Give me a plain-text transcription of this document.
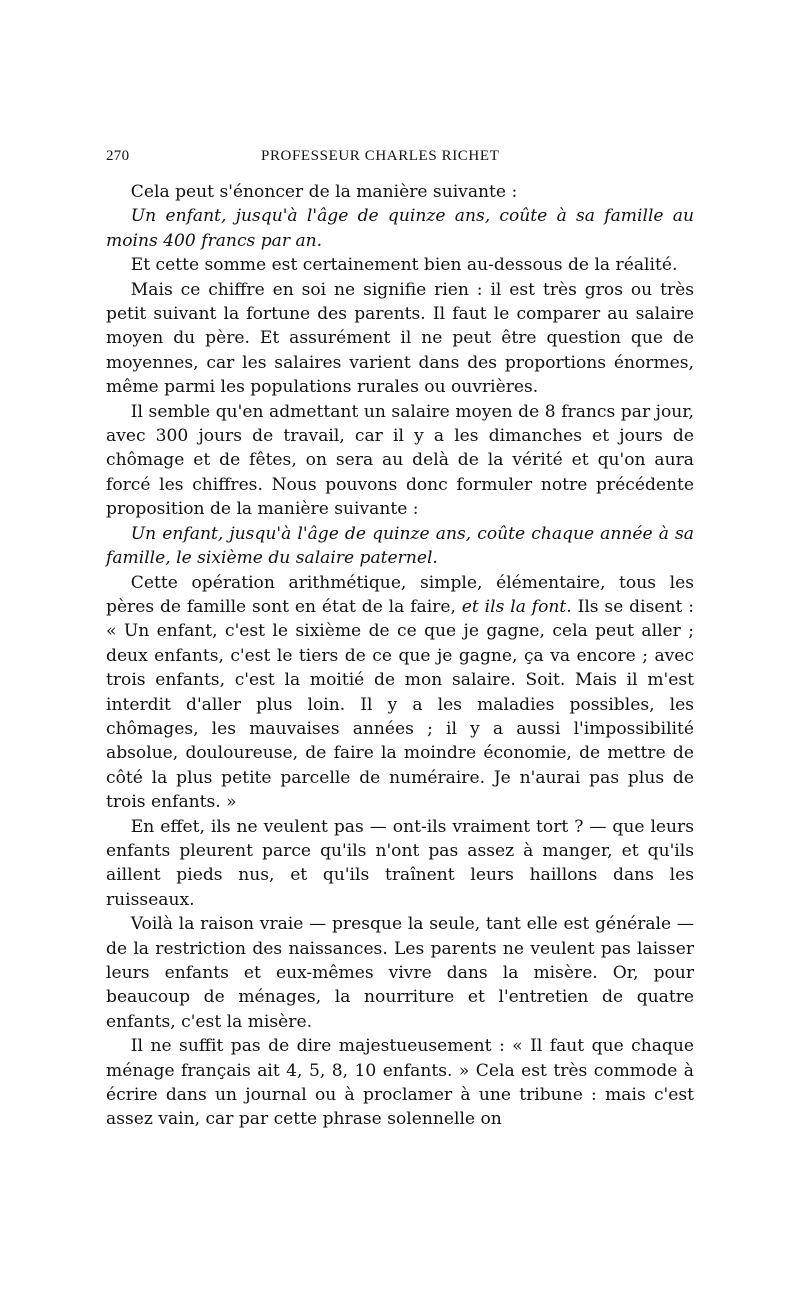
270	PROFESSEUR CHARLES RICHET

Cela peut s'énoncer de la manière suivante :

Un enfant, jusqu'à l'âge de quinze ans, coûte à sa famille au moins 400 francs par an.

Et cette somme est certainement bien au-dessous de la réalité.

Mais ce chiffre en soi ne signifie rien : il est très gros ou très petit suivant la fortune des parents. Il faut le comparer au salaire moyen du père. Et assurément il ne peut être question que de moyennes, car les salaires varient dans des proportions énormes, même parmi les populations rurales ou ouvrières.

Il semble qu'en admettant un salaire moyen de 8 francs par jour, avec 300 jours de travail, car il y a les dimanches et jours de chômage et de fêtes, on sera au delà de la vérité et qu'on aura forcé les chiffres. Nous pouvons donc formuler notre précédente proposition de la manière suivante :

Un enfant, jusqu'à l'âge de quinze ans, coûte chaque année à sa famille, le sixième du salaire paternel.

Cette opération arithmétique, simple, élémentaire, tous les pères de famille sont en état de la faire, et ils la font. Ils se disent : « Un enfant, c'est le sixième de ce que je gagne, cela peut aller ; deux enfants, c'est le tiers de ce que je gagne, ça va encore ; avec trois enfants, c'est la moitié de mon salaire. Soit. Mais il m'est interdit d'aller plus loin. Il y a les maladies possibles, les chômages, les mauvaises années ; il y a aussi l'impossibilité absolue, douloureuse, de faire la moindre économie, de mettre de côté la plus petite parcelle de numéraire. Je n'aurai pas plus de trois enfants. »

En effet, ils ne veulent pas — ont-ils vraiment tort ? — que leurs enfants pleurent parce qu'ils n'ont pas assez à manger, et qu'ils aillent pieds nus, et qu'ils traînent leurs haillons dans les ruisseaux.

Voilà la raison vraie — presque la seule, tant elle est générale — de la restriction des naissances. Les parents ne veulent pas laisser leurs enfants et eux-mêmes vivre dans la misère. Or, pour beaucoup de ménages, la nourriture et l'entretien de quatre enfants, c'est la misère.

Il ne suffit pas de dire majestueusement : « Il faut que chaque ménage français ait 4, 5, 8, 10 enfants. » Cela est très commode à écrire dans un journal ou à proclamer à une tribune : mais c'est assez vain, car par cette phrase solennelle on
